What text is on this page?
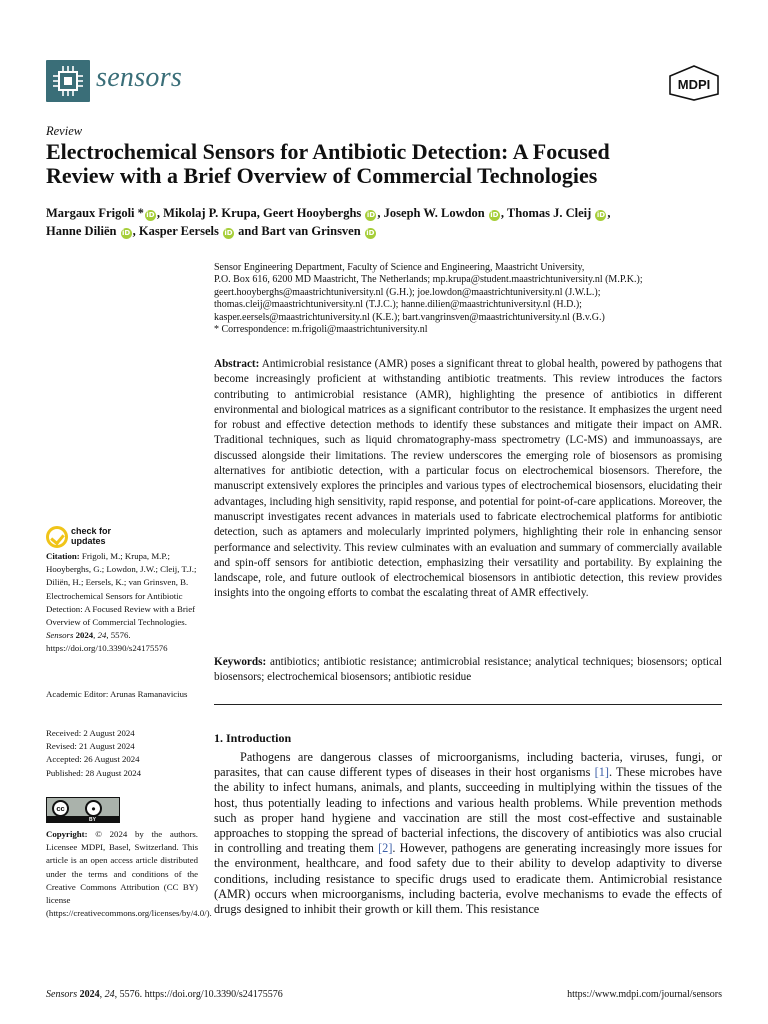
sensors	MDPI
Review
Electrochemical Sensors for Antibiotic Detection: A Focused
Review with a Brief Overview of Commercial Technologies
Margaux Frigoli * iD , Mikolaj P. Krupa, Geert Hooyberghs iD , Joseph W. Lowdon iD , Thomas J. Cleij iD ,
Hanne Diliën iD , Kasper Eersels iD and Bart van Grinsven iD
Sensor Engineering Department, Faculty of Science and Engineering, Maastricht University,
P.O. Box 616, 6200 MD Maastricht, The Netherlands; mp.krupa@student.maastrichtuniversity.nl (M.P.K.);
geert.hooyberghs@maastrichtuniversity.nl (G.H.); joe.lowdon@maastrichtuniversity.nl (J.W.L.);
thomas.cleij@maastrichtuniversity.nl (T.J.C.); hanne.dilien@maastrichtuniversity.nl (H.D.);
kasper.eersels@maastrichtuniversity.nl (K.E.); bart.vangrinsven@maastrichtuniversity.nl (B.v.G.)
* Correspondence: m.frigoli@maastrichtuniversity.nl
Abstract: Antimicrobial resistance (AMR) poses a significant threat to global health, powered by pathogens that become increasingly proficient at withstanding antibiotic treatments. This review introduces the factors contributing to antimicrobial resistance (AMR), highlighting the presence of antibiotics in different environmental and biological matrices as a significant contributor to the resistance. It emphasizes the urgent need for robust and effective detection methods to identify these substances and mitigate their impact on AMR. Traditional techniques, such as liquid chromatography-mass spectrometry (LC-MS) and immunoassays, are discussed alongside their limitations. The review underscores the emerging role of biosensors as promising alternatives for antibiotic detection, with a particular focus on electrochemical biosensors. Therefore, the manuscript extensively explores the principles and various types of electrochemical biosensors, elucidating their advantages, including high sensitivity, rapid response, and potential for point-of-care applications. Moreover, the manuscript investigates recent advances in materials used to fabricate electrochemical platforms for antibiotic detection, such as aptamers and molecularly imprinted polymers, highlighting their role in enhancing sensor performance and selectivity. This review culminates with an evaluation and summary of commercially available and spin-off sensors for antibiotic detection, emphasizing their versatility and portability. By explaining the landscape, role, and future outlook of electrochemical biosensors in antibiotic detection, this review provides insights into the ongoing efforts to combat the escalating threat of AMR effectively.
Keywords: antibiotics; antibiotic resistance; antimicrobial resistance; analytical techniques; biosensors; optical biosensors; electrochemical biosensors; antibiotic residue
1. Introduction
Pathogens are dangerous classes of microorganisms, including bacteria, viruses, fungi, or parasites, that can cause different types of diseases in their host organisms [1]. These microbes have the ability to infect humans, animals, and plants, succeeding in multiplying within the tissues of the host, thus potentially leading to infections and various health problems. While prevention methods such as proper hand hygiene and vaccination are still the most cost-effective and sustainable approaches to stopping the spread of bacterial infections, the discovery of antibiotics was also crucial in controlling and treating them [2]. However, pathogens are generating increasingly more issues for the environment, healthcare, and food safety due to their ability to develop adaptivity to diverse conditions, including resistance to specific drugs used to eradicate them. Antimicrobial resistance (AMR) occurs when microorganisms, including bacteria, evolve mechanisms to evade the effects of drugs designed to inhibit their growth or kill them. This resistance
check for
updates
Citation: Frigoli, M.; Krupa, M.P.; Hooyberghs, G.; Lowdon, J.W.; Cleij, T.J.; Diliën, H.; Eersels, K.; van Grinsven, B. Electrochemical Sensors for Antibiotic Detection: A Focused Review with a Brief Overview of Commercial Technologies. Sensors 2024, 24, 5576. https://doi.org/10.3390/s24175576
Academic Editor: Arunas Ramanavicius
Received: 2 August 2024
Revised: 21 August 2024
Accepted: 26 August 2024
Published: 28 August 2024
cc	●
BY
Copyright: © 2024 by the authors. Licensee MDPI, Basel, Switzerland. This article is an open access article distributed under the terms and conditions of the Creative Commons Attribution (CC BY) license (https://creativecommons.org/licenses/by/4.0/).
Sensors 2024, 24, 5576. https://doi.org/10.3390/s24175576	https://www.mdpi.com/journal/sensors
